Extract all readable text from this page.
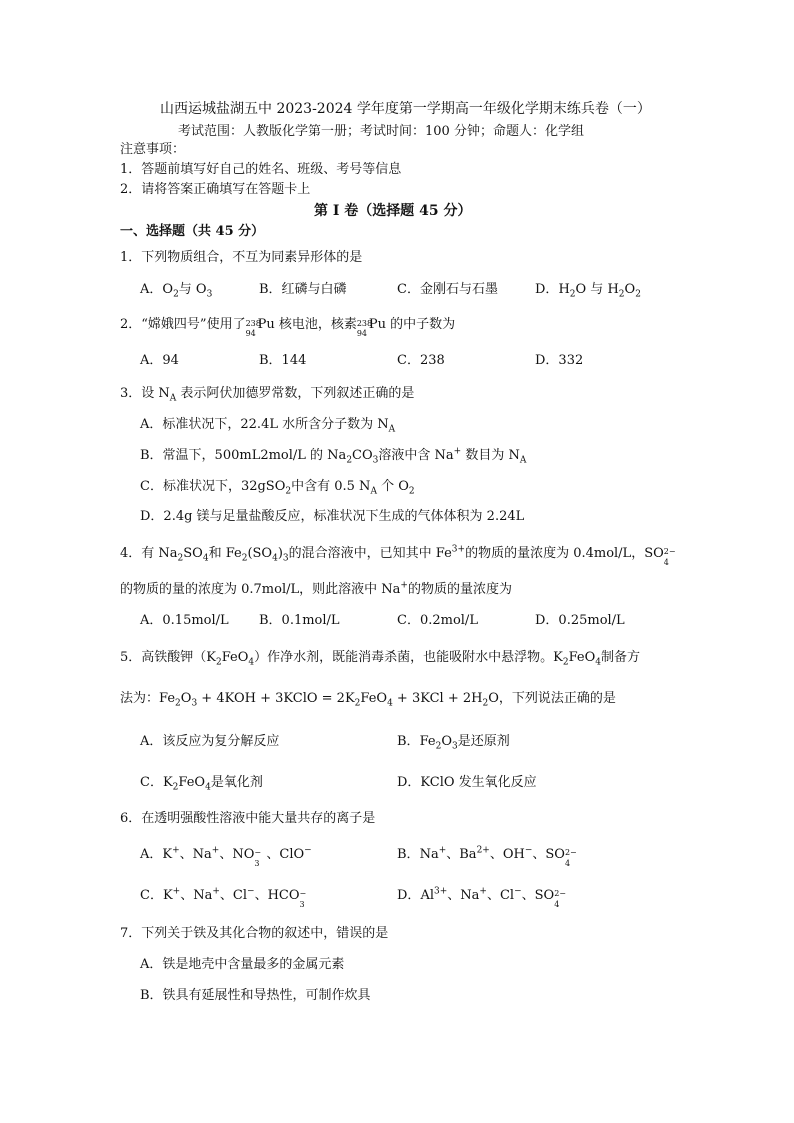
山西运城盐湖五中 2023-2024 学年度第一学期高一年级化学期末练兵卷（一）
考试范围：人教版化学第一册；考试时间：100 分钟；命题人：化学组
注意事项：
1．答题前填写好自己的姓名、班级、考号等信息
2．请将答案正确填写在答题卡上
第 I 卷（选择题 45 分）
一、选择题（共 45 分）
1．下列物质组合，不互为同素异形体的是
A．$O_2$与 $O_3$	B．红磷与白磷	C．金刚石与石墨	D．$H_2O$ 与 $H_2O_2$
2．“嫦娥四号”使用了 238
94
Pu 核电池，核素 238
94
Pu 的中子数为
A．94	B．144	C．238	D．332
3．设 $N_A$ 表示阿伏加德罗常数，下列叙述正确的是
A．标准状况下，22.4L 水所含分子数为 $N_A$
B．常温下，500mL2mol/L 的 $Na_2CO_3$溶液中含 Na+ 数目为 $N_A$
C．标准状况下，32gSO$_2$中含有 0.5 $N_A$ 个 $O_2$
D．2.4g 镁与足量盐酸反应，标准状况下生成的气体体积为 2.24L
4．有 $Na_2SO_4$和 $Fe_2(SO_4)_3$的混合溶液中，已知其中 $Fe^{3+}$的物质的量浓度为 0.4mol/L，SO 2−
4
的物质的量的浓度为 0.7mol/L，则此溶液中 Na+的物质的量浓度为
A．0.15mol/L B．0.1mol/L	C．0.2mol/L	D．0.25mol/L
5．高铁酸钾$(K_2FeO_4)$作净水剂，既能消毒杀菌，也能吸附水中悬浮物。$K_2FeO_4$制备方
法为：$Fe_2O_3 + 4KOH$ + 3KClO = $2K_2FeO_4 + 3KCl + 2H_2O$，下列说法正确的是
A．该反应为复分解反应	B．$Fe_2O_3$是还原剂
C．$K_2FeO_4$是氧化剂	D．KClO 发生氧化反应
6．在透明强酸性溶液中能大量共存的离子是
A．K+、Na+、NO −
3
、ClO−	B．Na+、$Ba^{2+}$、OH−、SO 2−
4
C．K+、Na+、Cl−、HCO −
3
D．$Al^{3+}$、Na+、Cl−、SO 2−
4
7．下列关于铁及其化合物的叙述中，错误的是
A．铁是地壳中含量最多的金属元素
B．铁具有延展性和导热性，可制作炊具
